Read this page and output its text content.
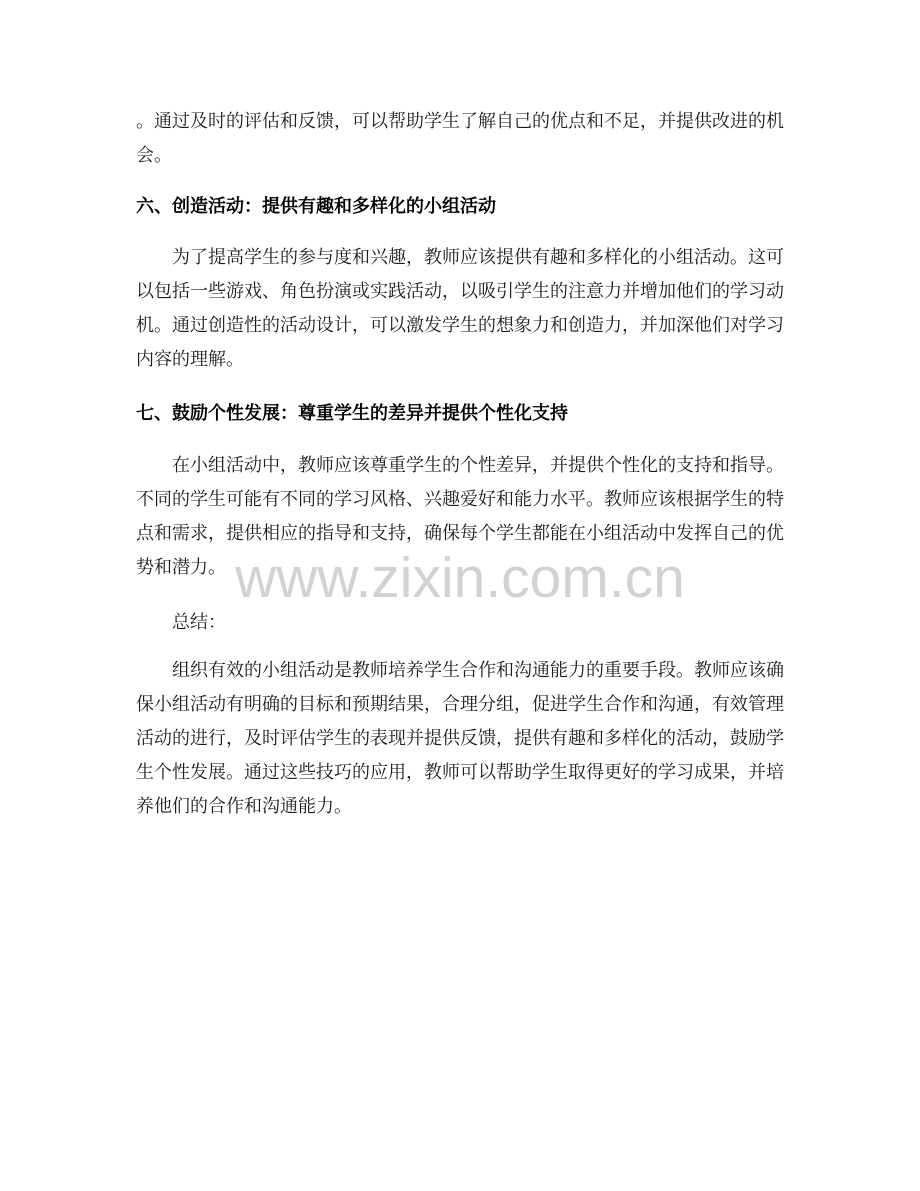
。通过及时的评估和反馈，可以帮助学生了解自己的优点和不足，并提供改进的机会。

六、创造活动：提供有趣和多样化的小组活动

为了提高学生的参与度和兴趣，教师应该提供有趣和多样化的小组活动。这可以包括一些游戏、角色扮演或实践活动，以吸引学生的注意力并增加他们的学习动机。通过创造性的活动设计，可以激发学生的想象力和创造力，并加深他们对学习内容的理解。

七、鼓励个性发展：尊重学生的差异并提供个性化支持

在小组活动中，教师应该尊重学生的个性差异，并提供个性化的支持和指导。不同的学生可能有不同的学习风格、兴趣爱好和能力水平。教师应该根据学生的特点和需求，提供相应的指导和支持，确保每个学生都能在小组活动中发挥自己的优势和潜力。

总结：

组织有效的小组活动是教师培养学生合作和沟通能力的重要手段。教师应该确保小组活动有明确的目标和预期结果，合理分组，促进学生合作和沟通，有效管理活动的进行，及时评估学生的表现并提供反馈，提供有趣和多样化的活动，鼓励学生个性发展。通过这些技巧的应用，教师可以帮助学生取得更好的学习成果，并培养他们的合作和沟通能力。

www.zixin.com.cn
